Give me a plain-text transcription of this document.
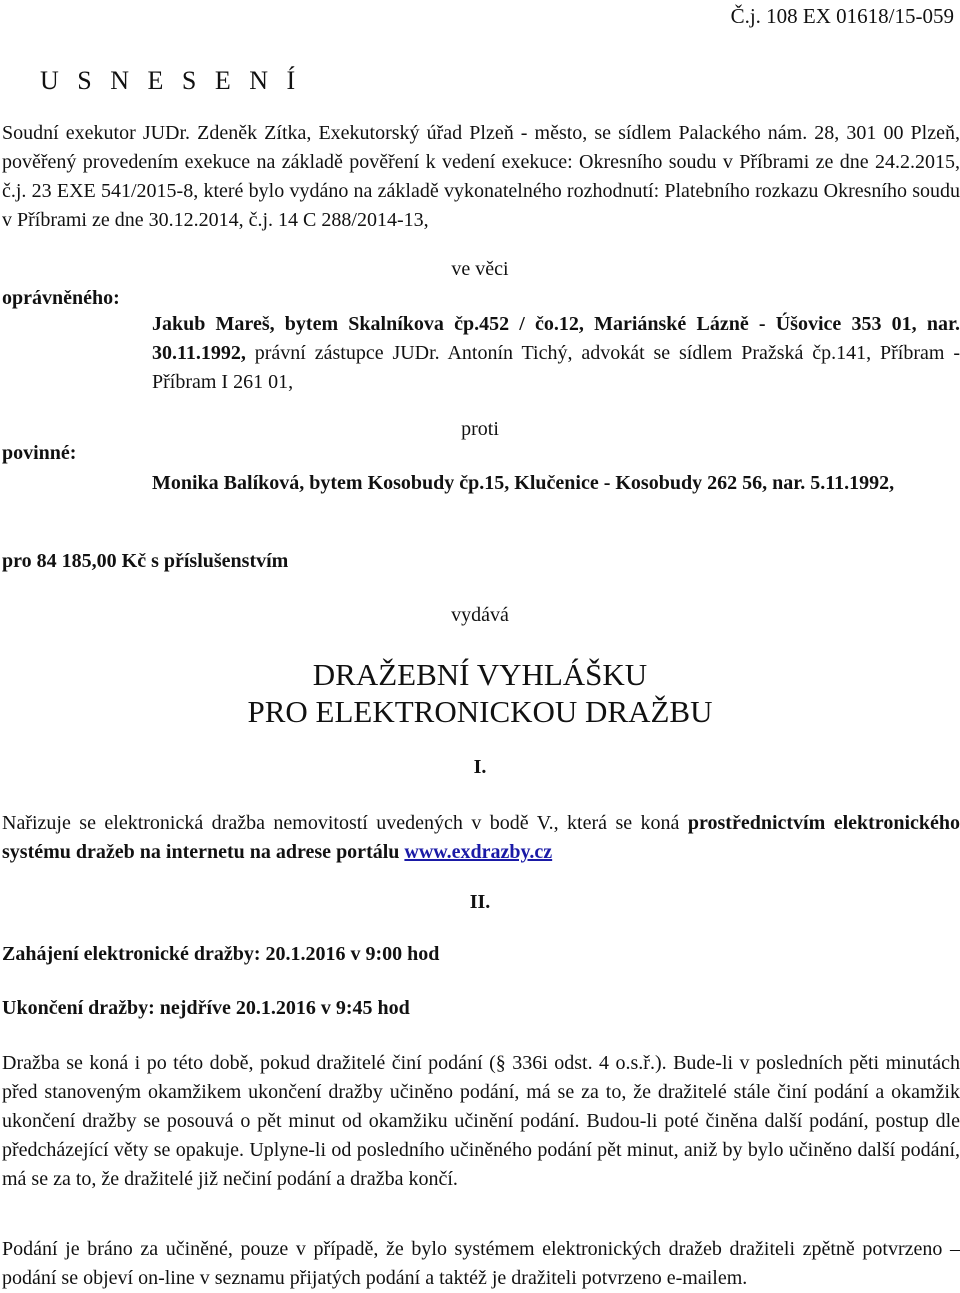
Č.j. 108 EX 01618/15-059
U S N E S E N Í
Soudní exekutor JUDr. Zdeněk Zítka, Exekutorský úřad Plzeň - město, se sídlem Palackého nám. 28, 301 00 Plzeň, pověřený provedením exekuce na základě pověření k vedení exekuce: Okresního soudu v Příbrami ze dne 24.2.2015, č.j. 23 EXE 541/2015-8, které bylo vydáno na základě vykonatelného rozhodnutí: Platebního rozkazu Okresního soudu v Příbrami ze dne 30.12.2014, č.j. 14 C 288/2014-13,
ve věci
oprávněného:
Jakub Mareš, bytem Skalníkova čp.452 / čo.12, Mariánské Lázně - Úšovice 353 01, nar. 30.11.1992, právní zástupce JUDr. Antonín Tichý, advokát se sídlem Pražská čp.141, Příbram - Příbram I 261 01,
proti
povinné:
Monika Balíková, bytem Kosobudy čp.15, Klučenice - Kosobudy 262 56, nar. 5.11.1992,
pro 84 185,00 Kč s příslušenstvím
vydává
DRAŽEBNÍ VYHLÁŠKU
PRO ELEKTRONICKOU DRAŽBU
I.
Nařizuje se elektronická dražba nemovitostí uvedených v bodě V., která se koná prostřednictvím elektronického systému dražeb na internetu na adrese portálu www.exdrazby.cz
II.
Zahájení elektronické dražby: 20.1.2016 v 9:00 hod
Ukončení dražby: nejdříve 20.1.2016 v 9:45 hod
Dražba se koná i po této době, pokud dražitelé činí podání (§ 336i odst. 4 o.s.ř.). Bude-li v posledních pěti minutách před stanoveným okamžikem ukončení dražby učiněno podání, má se za to, že dražitelé stále činí podání a okamžik ukončení dražby se posouvá o pět minut od okamžiku učinění podání. Budou-li poté činěna další podání, postup dle předcházející věty se opakuje. Uplyne-li od posledního učiněného podání pět minut, aniž by bylo učiněno další podání, má se za to, že dražitelé již nečiní podání a dražba končí.
Podání je bráno za učiněné, pouze v případě, že bylo systémem elektronických dražeb dražiteli zpětně potvrzeno – podání se objeví on-line v seznamu přijatých podání a taktéž je dražiteli potvrzeno e-mailem.
